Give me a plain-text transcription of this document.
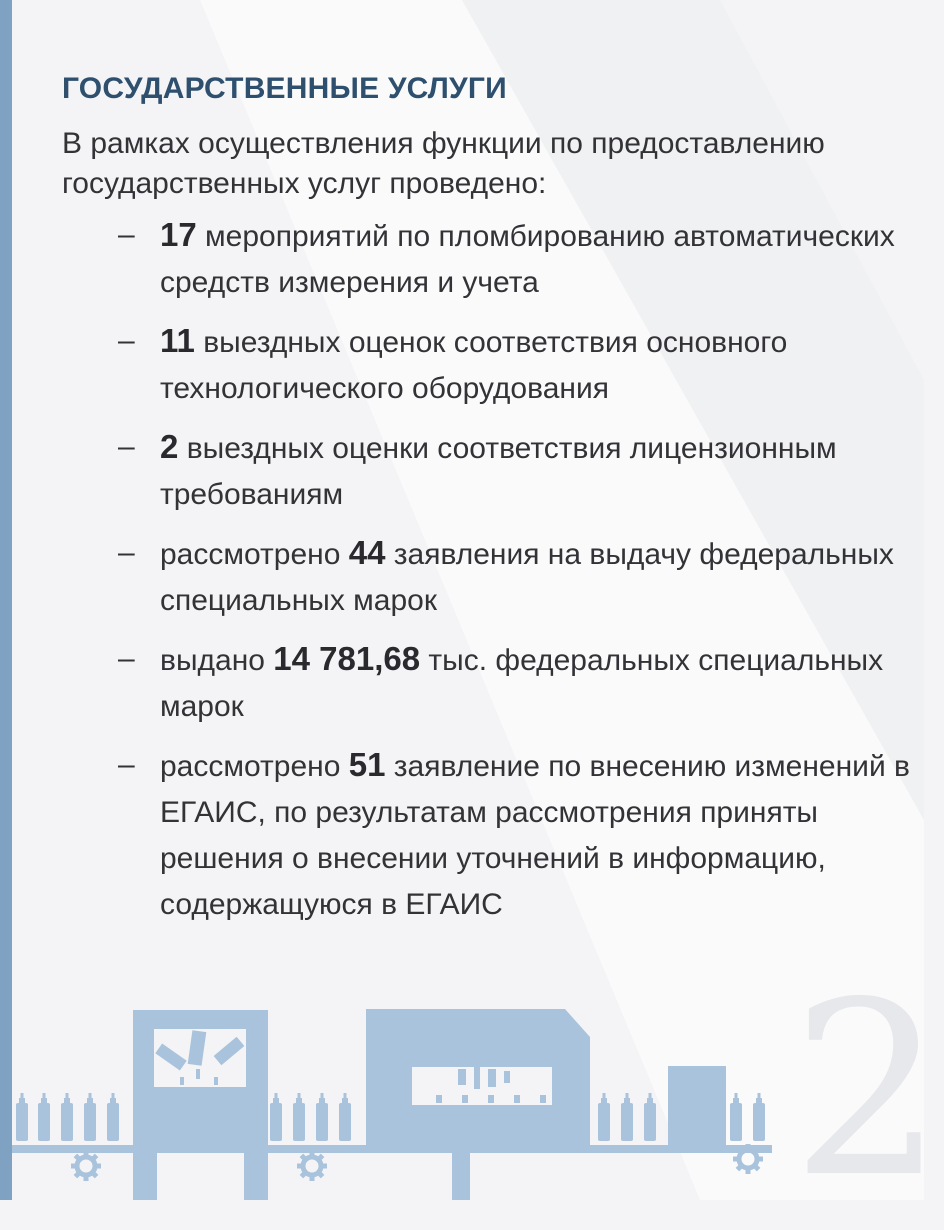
2
ГОСУДАРСТВЕННЫЕ УСЛУГИ

В рамках осуществления функции по предоставлению государственных услуг проведено:

– 17 мероприятий по пломбированию автоматических средств измерения и учета
– 11 выездных оценок соответствия основного технологического оборудования
– 2 выездных оценки соответствия лицензионным требованиям
– рассмотрено 44 заявления на выдачу федеральных специальных марок
– выдано 14 781,68 тыс. федеральных специальных марок
– рассмотрено 51 заявление по внесению изменений в ЕГАИС, по результатам рассмотрения приняты решения о внесении уточнений в информацию, содержащуюся в ЕГАИС
